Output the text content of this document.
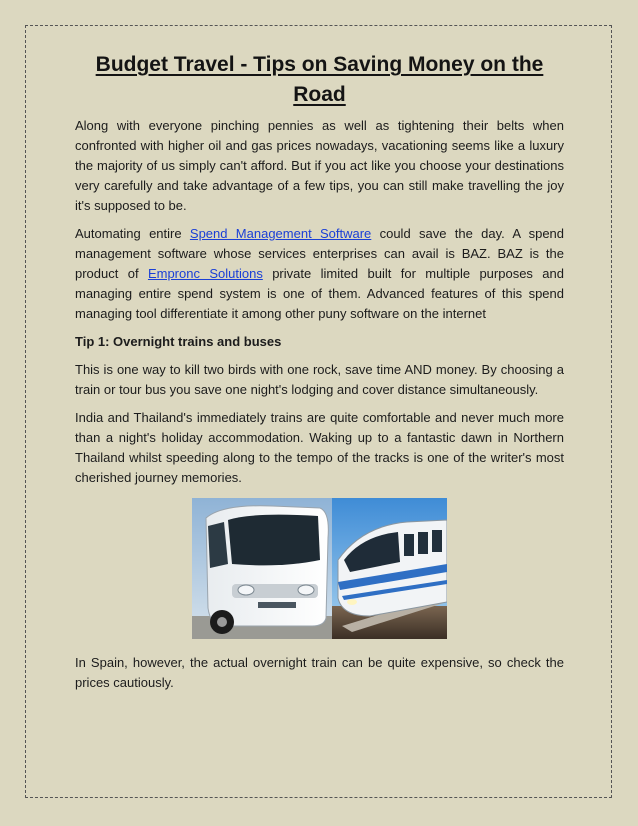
Budget Travel - Tips on Saving Money on the Road

Along with everyone pinching pennies as well as tightening their belts when confronted with higher oil and gas prices nowadays, vacationing seems like a luxury the majority of us simply can't afford. But if you act like you choose your destinations very carefully and take advantage of a few tips, you can still make travelling the joy it's supposed to be.

Automating entire Spend Management Software could save the day. A spend management software whose services enterprises can avail is BAZ. BAZ is the product of Empronc Solutions private limited built for multiple purposes and managing entire spend system is one of them. Advanced features of this spend managing tool differentiate it among other puny software on the internet

Tip 1: Overnight trains and buses

This is one way to kill two birds with one rock, save time AND money. By choosing a train or tour bus you save one night's lodging and cover distance simultaneously.

India and Thailand's immediately trains are quite comfortable and never much more than a night's holiday accommodation. Waking up to a fantastic dawn in Northern Thailand whilst speeding along to the tempo of the tracks is one of the writer's most cherished journey memories.

In Spain, however, the actual overnight train can be quite expensive, so check the prices cautiously.
